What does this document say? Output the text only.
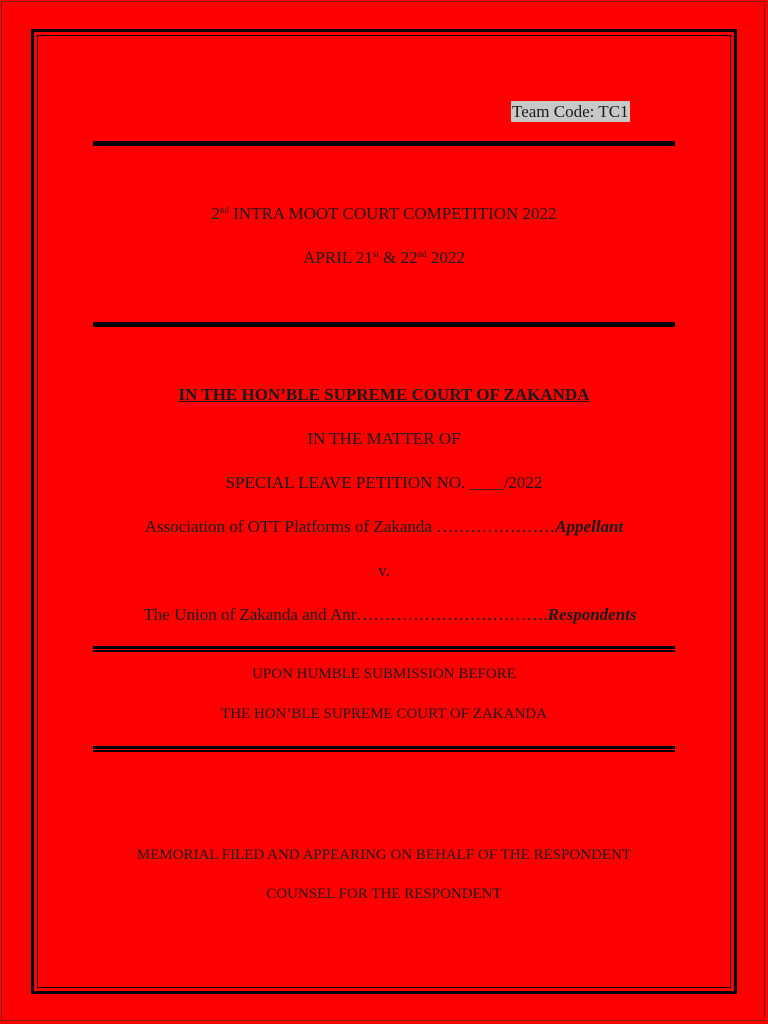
Team Code: TC1
2nd INTRA MOOT COURT COMPETITION 2022
APRIL 21st & 22nd 2022
IN THE HON’BLE SUPREME COURT OF ZAKANDA
IN THE MATTER OF
SPECIAL LEAVE PETITION NO. ____/2022
Association of OTT Platforms of Zakanda …………………Appellant
v.
The Union of Zakanda and Anr…………………………….Respondents
UPON HUMBLE SUBMISSION BEFORE
THE HON’BLE SUPREME COURT OF ZAKANDA
MEMORIAL FILED AND APPEARING ON BEHALF OF THE RESPONDENT
COUNSEL FOR THE RESPONDENT
